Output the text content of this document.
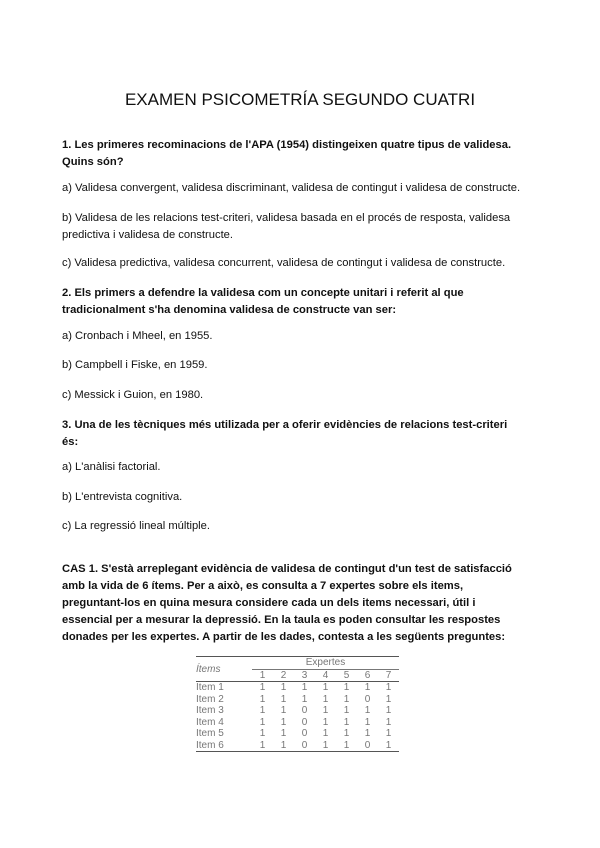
EXAMEN PSICOMETRÍA SEGUNDO CUATRI
1. Les primeres recominacions de l'APA (1954) distingeixen quatre tipus de validesa.
Quins són?
a) Validesa convergent, validesa discriminant, validesa de contingut i validesa de constructe.
b) Validesa de les relacions test-criteri, validesa basada en el procés de resposta, validesa
predictiva i validesa de constructe.
c) Validesa predictiva, validesa concurrent, validesa de contingut i validesa de constructe.
2. Els primers a defendre la validesa com un concepte unitari i referit al que
tradicionalment s'ha denomina validesa de constructe van ser:
a) Cronbach i Mheel, en 1955.
b) Campbell i Fiske, en 1959.
c) Messick i Guion, en 1980.
3. Una de les tècniques més utilizada per a oferir evidències de relacions test-criteri
és:
a) L'anàlisi factorial.
b) L'entrevista cognitiva.
c) La regressió lineal múltiple.
CAS 1. S'està arreplegant evidència de validesa de contingut d'un test de satisfacció
amb la vida de 6 ítems. Per a això, es consulta a 7 expertes sobre els items,
preguntant-los en quina mesura considere cada un dels items necessari, útil i
essencial per a mesurar la depressió. En la taula es poden consultar les respostes
donades per les expertes. A partir de les dades, contesta a les següents preguntes:
Ítems	Expertes						
	1	2	3	4	5	6	7
Item 1	1	1	1	1	1	1	1
Item 2	1	1	1	1	1	0	1
Item 3	1	1	0	1	1	1	1
Item 4	1	1	0	1	1	1	1
Item 5	1	1	0	1	1	1	1
Item 6	1	1	0	1	1	0	1
